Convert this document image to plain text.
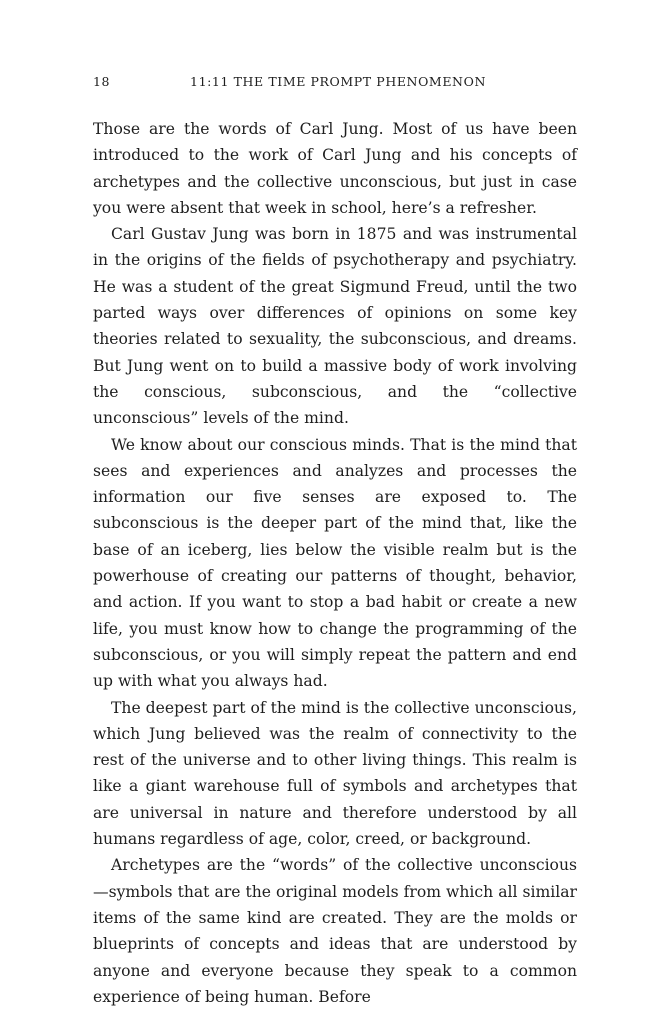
18	11:11 THE TIME PROMPT PHENOMENON

Those are the words of Carl Jung. Most of us have been introduced to the work of Carl Jung and his concepts of archetypes and the collective unconscious, but just in case you were absent that week in school, here’s a refresher.

Carl Gustav Jung was born in 1875 and was instrumental in the origins of the fields of psychotherapy and psychiatry. He was a student of the great Sigmund Freud, until the two parted ways over differences of opinions on some key theories related to sexuality, the subconscious, and dreams. But Jung went on to build a massive body of work involving the conscious, subconscious, and the “collective unconscious” levels of the mind.

We know about our conscious minds. That is the mind that sees and experiences and analyzes and processes the information our five senses are exposed to. The subconscious is the deeper part of the mind that, like the base of an iceberg, lies below the visible realm but is the powerhouse of creating our patterns of thought, behavior, and action. If you want to stop a bad habit or create a new life, you must know how to change the programming of the subconscious, or you will simply repeat the pattern and end up with what you always had.

The deepest part of the mind is the collective unconscious, which Jung believed was the realm of connectivity to the rest of the universe and to other living things. This realm is like a giant warehouse full of symbols and archetypes that are universal in nature and therefore understood by all humans regardless of age, color, creed, or background.

Archetypes are the “words” of the collective unconscious—symbols that are the original models from which all similar items of the same kind are created. They are the molds or blueprints of concepts and ideas that are understood by anyone and everyone because they speak to a common experience of being human. Before
